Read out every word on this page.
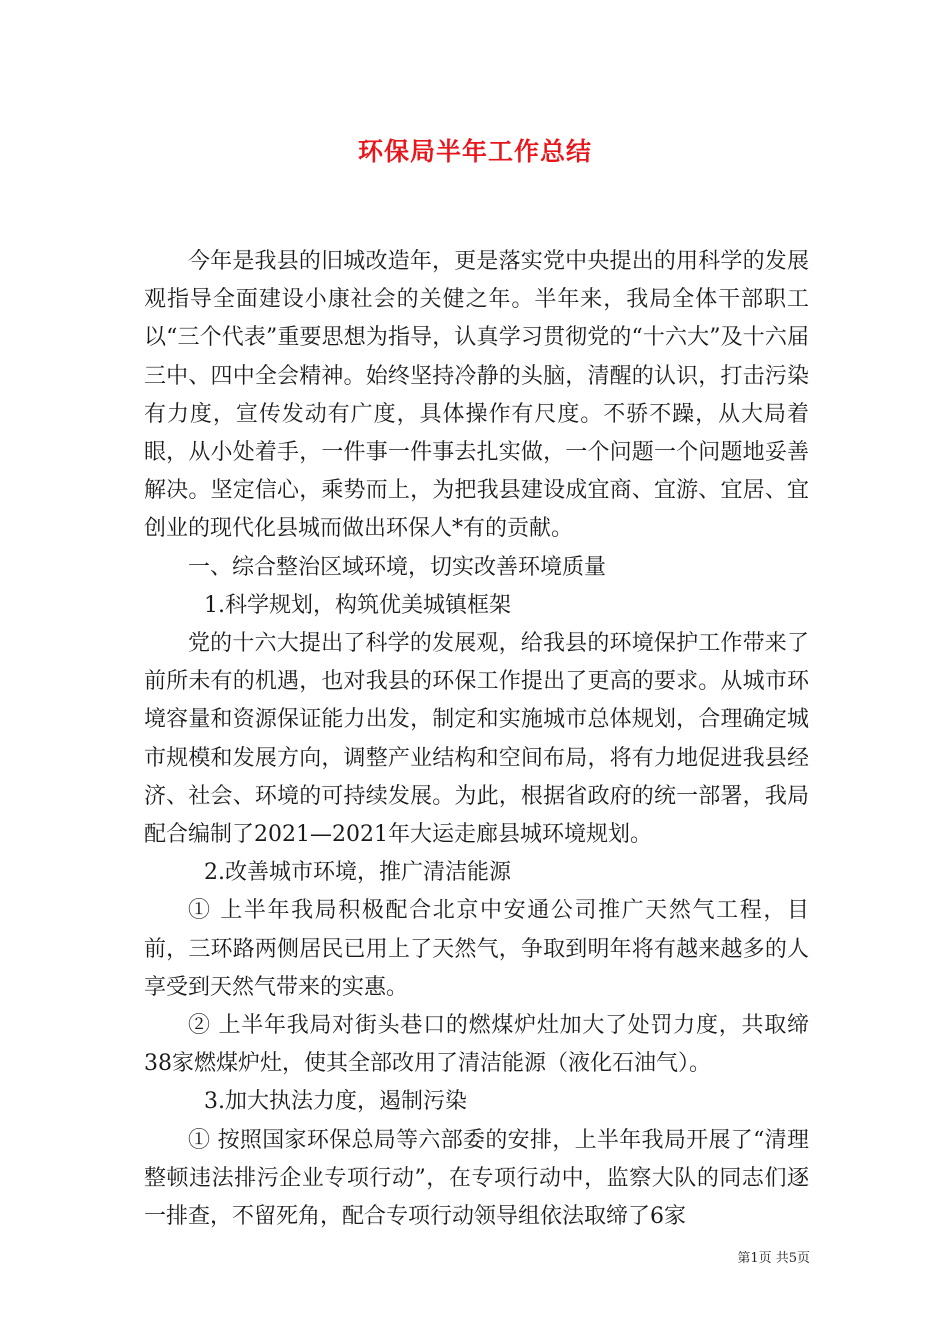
环保局半年工作总结

今年是我县的旧城改造年，更是落实党中央提出的用科学的发展观指导全面建设小康社会的关健之年。半年来，我局全体干部职工以“三个代表”重要思想为指导，认真学习贯彻党的“十六大”及十六届三中、四中全会精神。始终坚持冷静的头脑，清醒的认识，打击污染有力度，宣传发动有广度，具体操作有尺度。不骄不躁，从大局着眼，从小处着手，一件事一件事去扎实做，一个问题一个问题地妥善解决。坚定信心，乘势而上，为把我县建设成宜商、宜游、宜居、宜创业的现代化县城而做出环保人*有的贡献。

一、综合整治区域环境，切实改善环境质量

1.科学规划，构筑优美城镇框架

党的十六大提出了科学的发展观，给我县的环境保护工作带来了前所未有的机遇，也对我县的环保工作提出了更高的要求。从城市环境容量和资源保证能力出发，制定和实施城市总体规划，合理确定城市规模和发展方向，调整产业结构和空间布局，将有力地促进我县经济、社会、环境的可持续发展。为此，根据省政府的统一部署，我局配合编制了2021—2021年大运走廊县城环境规划。

2.改善城市环境，推广清洁能源

① 上半年我局积极配合北京中安通公司推广天然气工程，目前，三环路两侧居民已用上了天然气，争取到明年将有越来越多的人享受到天然气带来的实惠。

② 上半年我局对街头巷口的燃煤炉灶加大了处罚力度，共取缔38家燃煤炉灶，使其全部改用了清洁能源（液化石油气）。

3.加大执法力度，遏制污染

① 按照国家环保总局等六部委的安排，上半年我局开展了“清理整顿违法排污企业专项行动”，在专项行动中，监察大队的同志们逐一排查，不留死角，配合专项行动领导组依法取缔了6家

第1页 共5页
